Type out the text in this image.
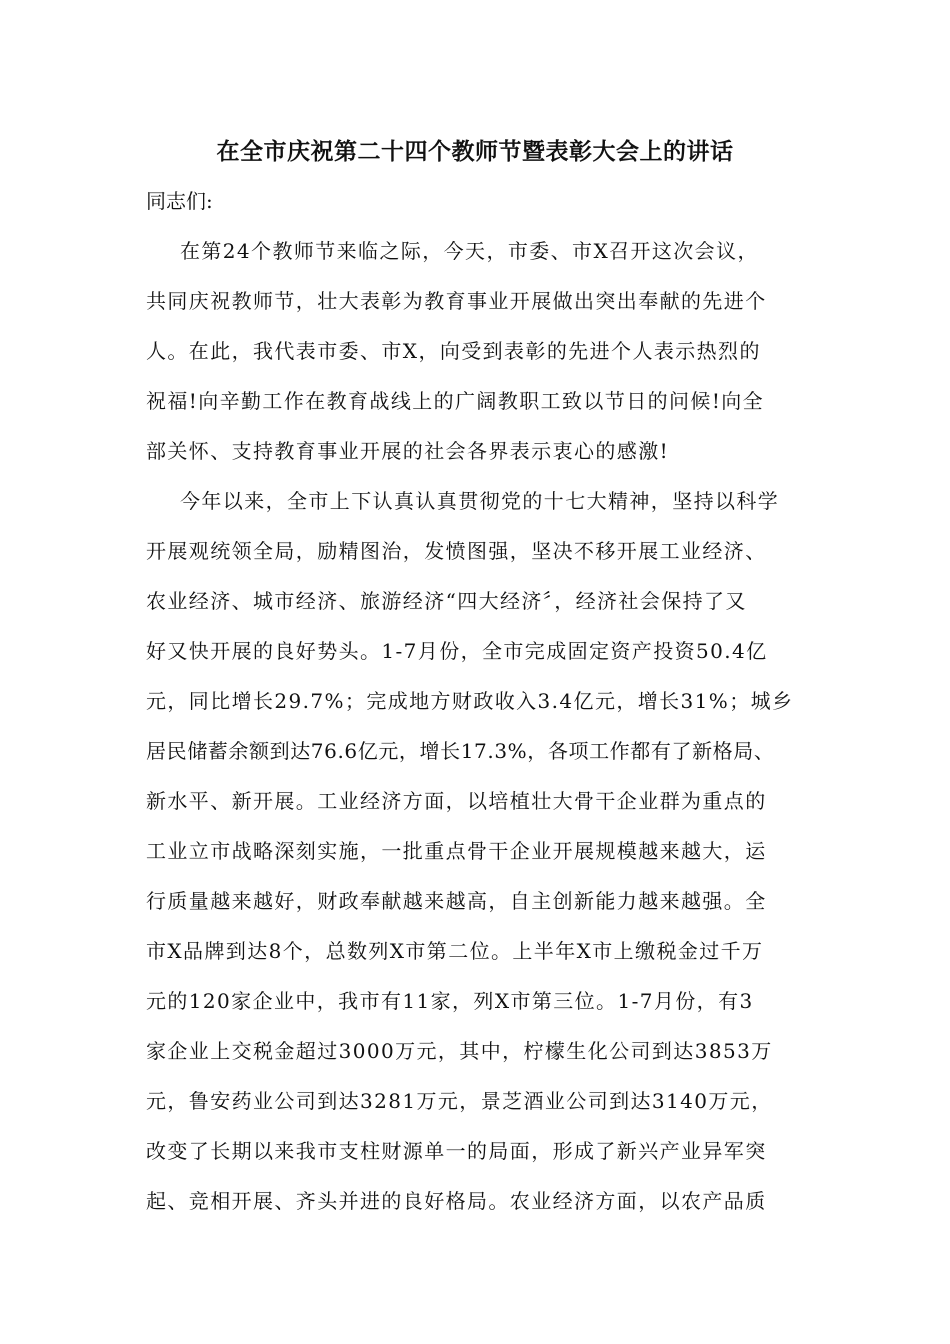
在全市庆祝第二十四个教师节暨表彰大会上的讲话
同志们:
在第24个教师节来临之际，今天，市委、市X召开这次会议，
共同庆祝教师节，壮大表彰为教育事业开展做出突出奉献的先进个
人。在此，我代表市委、市X，向受到表彰的先进个人表示热烈的
祝福!向辛勤工作在教育战线上的广阔教职工致以节日的问候!向全
部关怀、支持教育事业开展的社会各界表示衷心的感激!
今年以来，全市上下认真认真贯彻党的十七大精神，坚持以科学
开展观统领全局，励精图治，发愤图强，坚决不移开展工业经济、
农业经济、城市经济、旅游经济“四大经济〞，经济社会保持了又
好又快开展的良好势头。1-7月份，全市完成固定资产投资50.4亿
元，同比增长29.7%；完成地方财政收入3.4亿元，增长31%；城乡
居民储蓄余额到达76.6亿元，增长17.3%，各项工作都有了新格局、
新水平、新开展。工业经济方面，以培植壮大骨干企业群为重点的
工业立市战略深刻实施，一批重点骨干企业开展规模越来越大，运
行质量越来越好，财政奉献越来越高，自主创新能力越来越强。全
市X品牌到达8个，总数列X市第二位。上半年X市上缴税金过千万
元的120家企业中，我市有11家，列X市第三位。1-7月份，有3
家企业上交税金超过3000万元，其中，柠檬生化公司到达3853万
元，鲁安药业公司到达3281万元，景芝酒业公司到达3140万元，
改变了长期以来我市支柱财源单一的局面，形成了新兴产业异军突
起、竞相开展、齐头并进的良好格局。农业经济方面，以农产品质
